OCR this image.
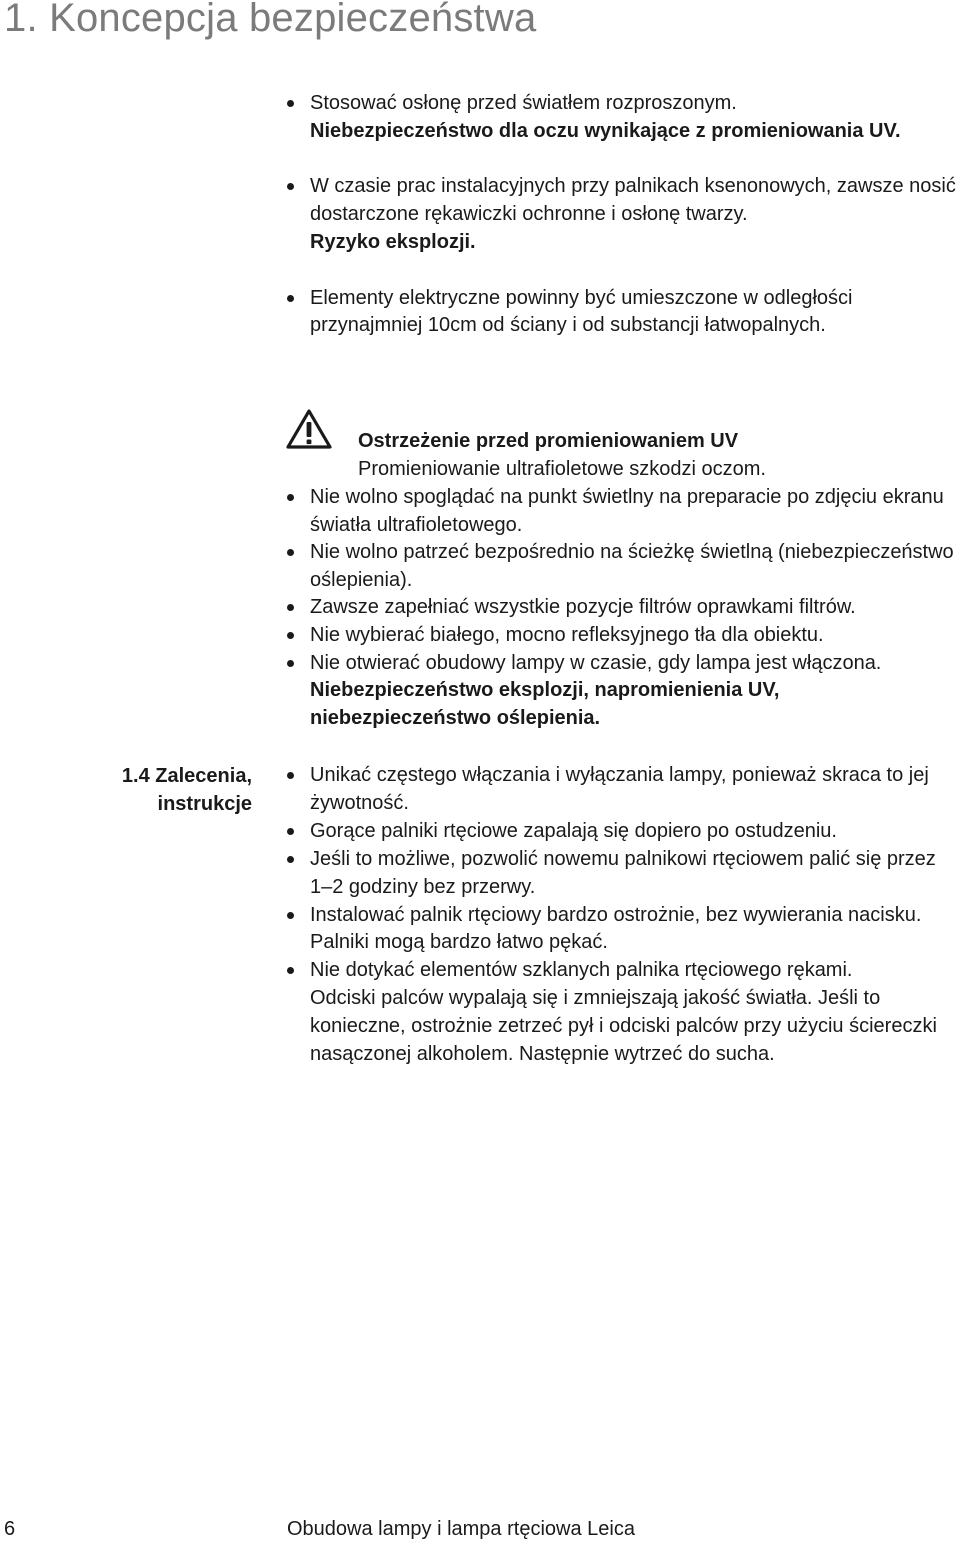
1. Koncepcja bezpieczeństwa
Stosować osłonę przed światłem rozproszonym.
Niebezpieczeństwo dla oczu wynikające z promieniowania UV.
W czasie prac instalacyjnych przy palnikach ksenonowych, zawsze nosić dostarczone rękawiczki ochronne i osłonę twarzy.
Ryzyko eksplozji.
Elementy elektryczne powinny być umieszczone w odległości przynajmniej 10cm od ściany i od substancji łatwopalnych.
Ostrzeżenie przed promieniowaniem UV
Promieniowanie ultrafioletowe szkodzi oczom.
Nie wolno spoglądać na punkt świetlny na preparacie po zdjęciu ekranu światła ultrafioletowego.
Nie wolno patrzeć bezpośrednio na ścieżkę świetlną (niebezpieczeństwo oślepienia).
Zawsze zapełniać wszystkie pozycje filtrów oprawkami filtrów.
Nie wybierać białego, mocno refleksyjnego tła dla obiektu.
Nie otwierać obudowy lampy w czasie, gdy lampa jest włączona.
Niebezpieczeństwo eksplozji, napromienienia UV, niebezpieczeństwo oślepienia.
1.4 Zalecenia,
instrukcje
Unikać częstego włączania i wyłączania lampy, ponieważ skraca to jej żywotność.
Gorące palniki rtęciowe zapalają się dopiero po ostudzeniu.
Jeśli to możliwe, pozwolić nowemu palnikowi rtęciowem palić się przez 1–2 godziny bez przerwy.
Instalować palnik rtęciowy bardzo ostrożnie, bez wywierania nacisku.
Palniki mogą bardzo łatwo pękać.
Nie dotykać elementów szklanych palnika rtęciowego rękami.
Odciski palców wypalają się i zmniejszają jakość światła. Jeśli to konieczne, ostrożnie zetrzeć pył i odciski palców przy użyciu ściereczki nasączonej alkoholem. Następnie wytrzeć do sucha.
6	Obudowa lampy i lampa rtęciowa Leica
